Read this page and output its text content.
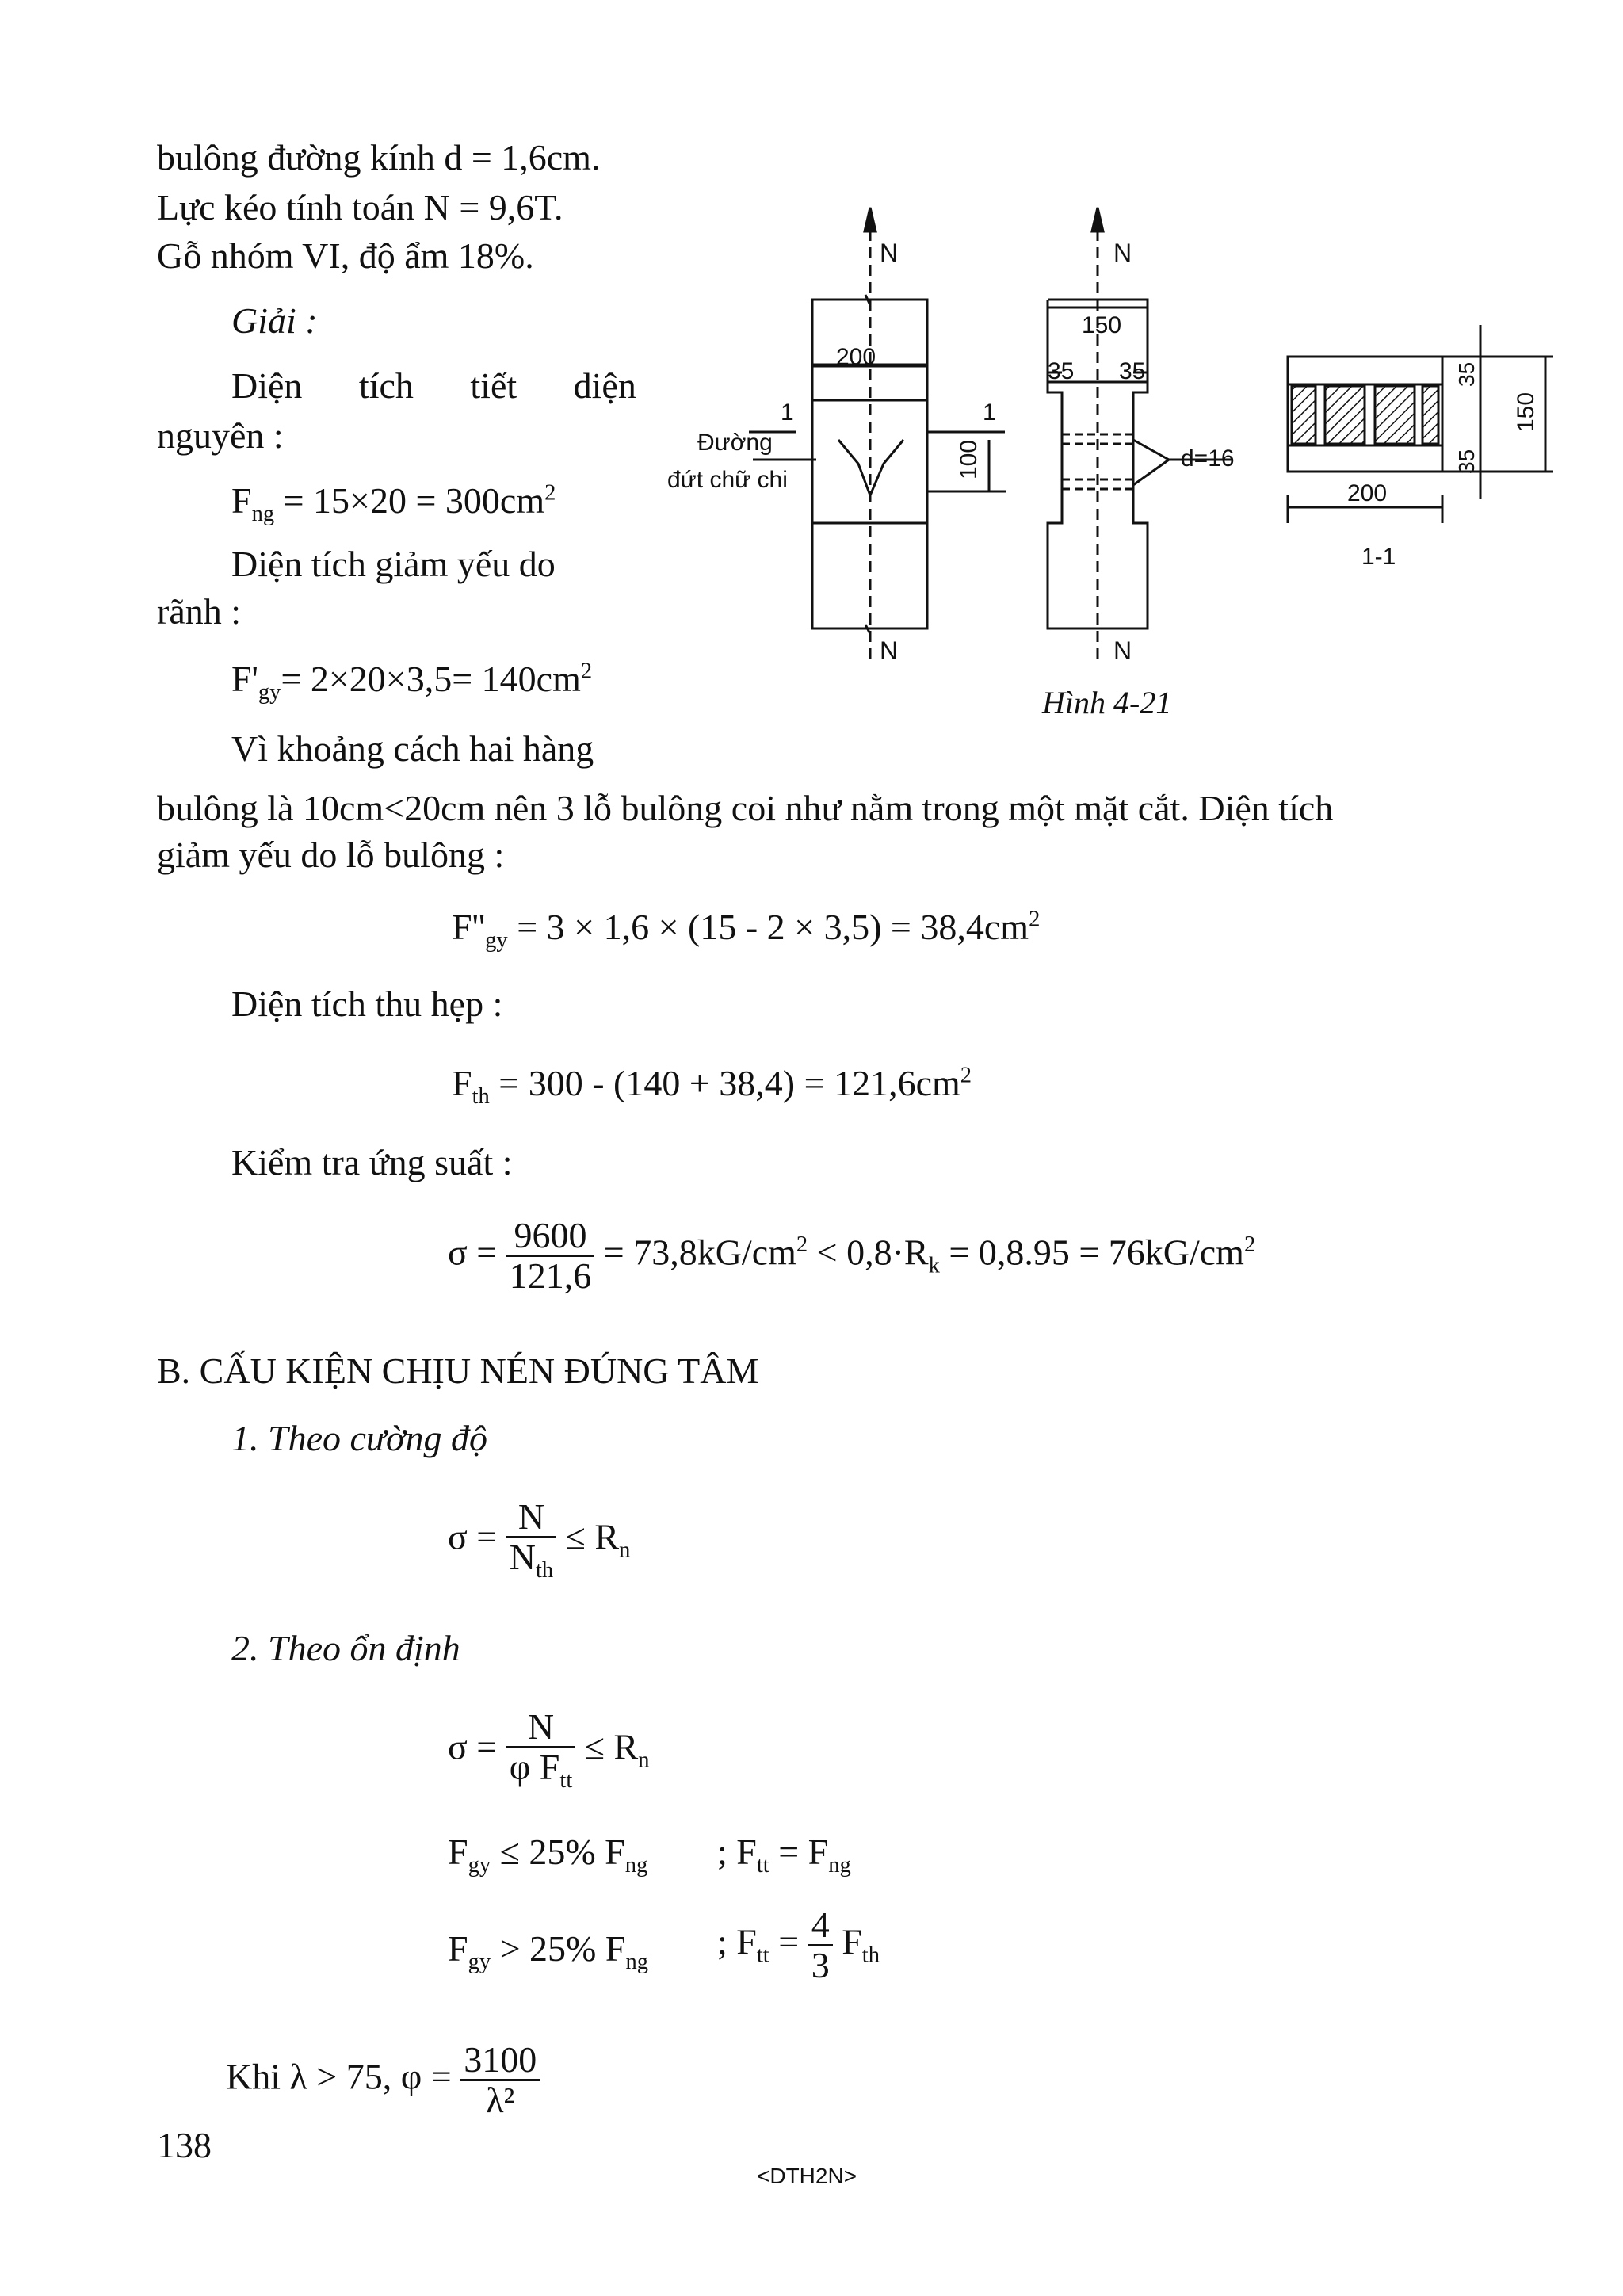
bulông đường kính d = 1,6cm.
Lực kéo tính toán N = 9,6T.
Gỗ nhóm VI, độ ẩm 18%.
Giải :
Diện tích tiết diện
nguyên :
$F_{ng} = 15\times 20 = 300cm^2$
Diện tích giảm yếu do
rãnh :
$F'_{gy}= 2\times 20\times 3,5= 140cm^2$
Vì khoảng cách hai hàng
bulông là 10cm<20cm nên 3 lỗ bulông coi như nằm trong một mặt cắt. Diện tích
giảm yếu do lỗ bulông :
$F''_{gy} = 3 \times 1,6 \times (15 - 2 \times 3,5) = 38,4cm^2$
Diện tích thu hẹp :
$F_{th} = 300 - (140 + 38,4) = 121,6cm^2$
Kiểm tra ứng suất :
$\sigma = \frac{9600}{121,6} = 73,8kG/cm^2 < 0,8\cdot R_k = 0,8.95 = 76kG/cm^2$
B. CẤU KIỆN CHỊU NÉN ĐÚNG TÂM
1. Theo cường độ
$\sigma = \frac{N}{N_{th}} \le R_n$
2. Theo ổn định
$\sigma = \frac{N}{\varphi F_{tt}} \le R_n$
$F_{gy} \le 25\%$ $F_{ng}$ ; $F_{tt} = F_{ng}$
$F_{gy} > 25\%$ $F_{ng}$
; $F_{tt} = \frac{4}{3} F_{th}$
Khi λ > 75, $\varphi = \frac{3100}{\text{λ²}}$
138
<DTH2N>
N
N
N
N
200
150
35 35
d=16
1	1
Đường
đứt chữ chi
100
35
35
150
200
1-1
Hình 4-21
